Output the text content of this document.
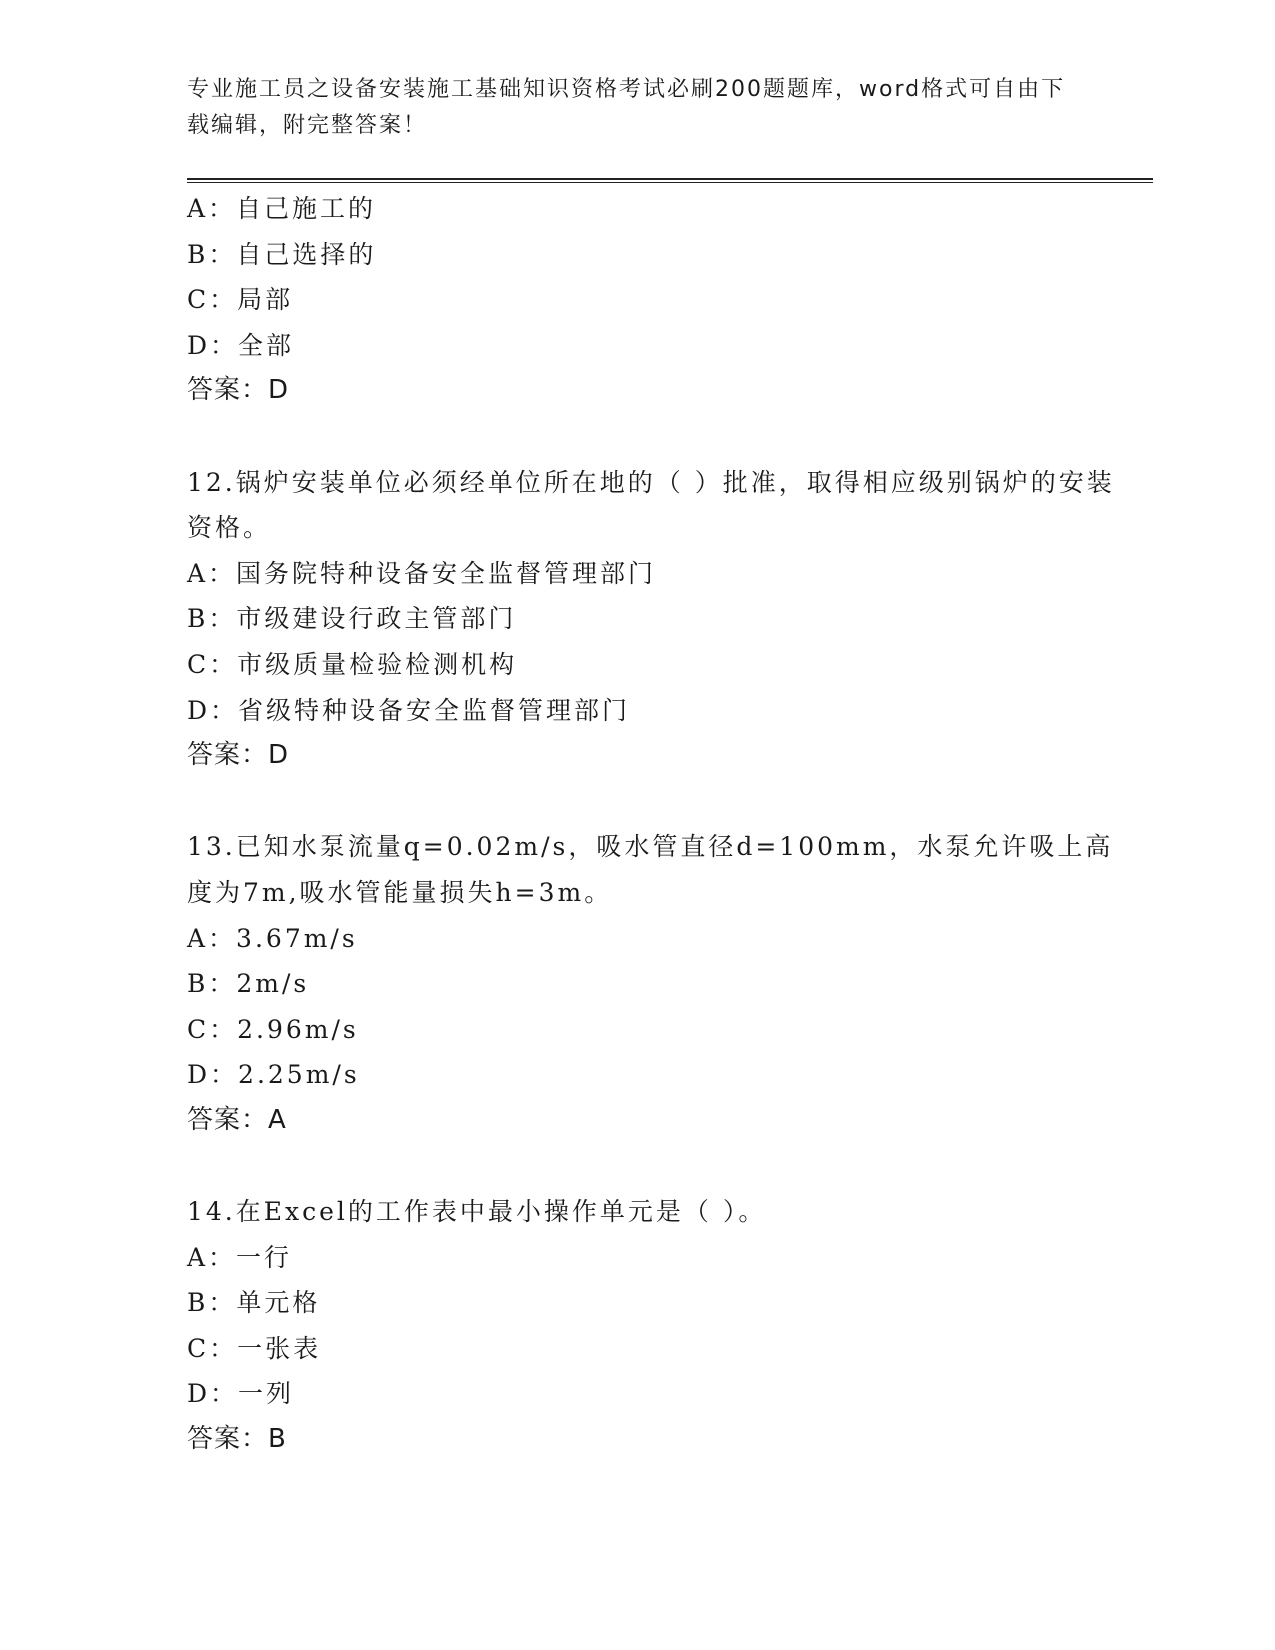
专业施工员之设备安装施工基础知识资格考试必刷200题题库，word格式可自由下载编辑，附完整答案！
A：自己施工的
B：自己选择的
C：局部
D：全部
答案：D
12.锅炉安装单位必须经单位所在地的（ ）批准，取得相应级别锅炉的安装资格。
A：国务院特种设备安全监督管理部门
B：市级建设行政主管部门
C：市级质量检验检测机构
D：省级特种设备安全监督管理部门
答案：D
13.已知水泵流量q=0.02m/s，吸水管直径d=100mm，水泵允许吸上高度为7m,吸水管能量损失h=3m。
A：3.67m/s
B：2m/s
C：2.96m/s
D：2.25m/s
答案：A
14.在Excel的工作表中最小操作单元是（ ）。
A：一行
B：单元格
C：一张表
D：一列
答案：B
